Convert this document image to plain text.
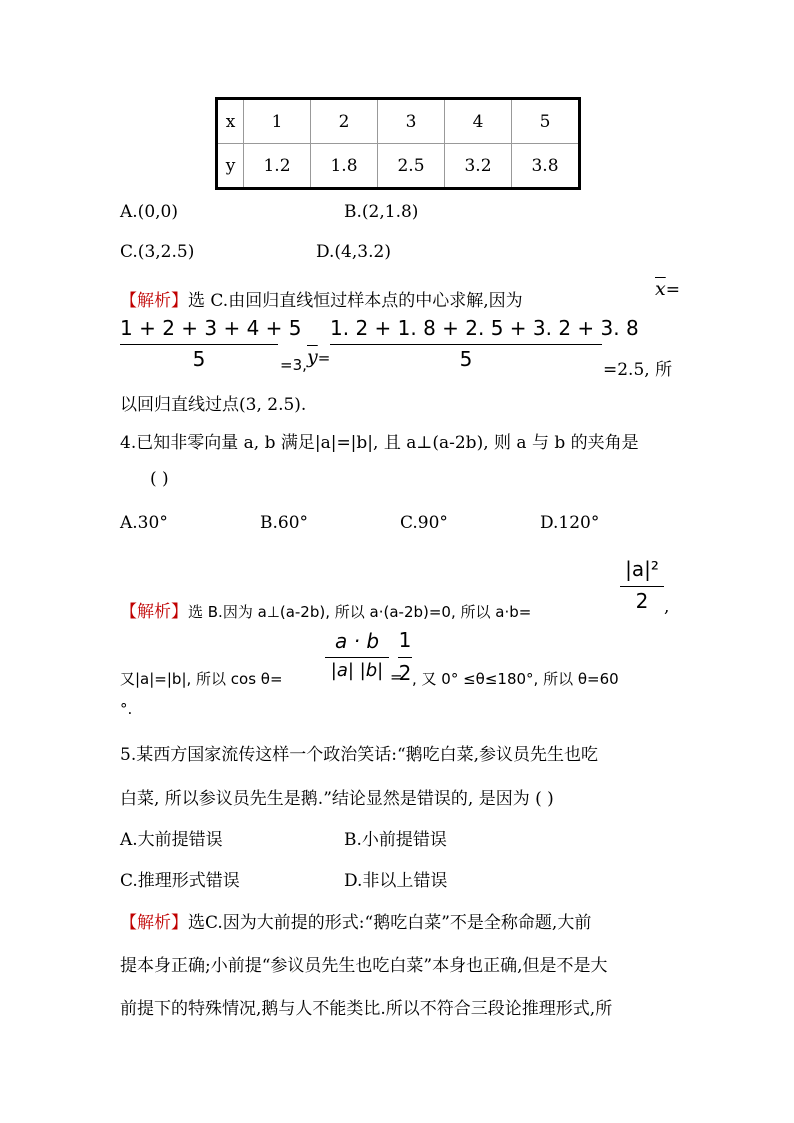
x	1	2	3	4	5
y	1.2	1.8	2.5	3.2	3.8
A.(0,0)	B.(2,1.8)
C.(3,2.5)	D.(4,3.2)
【解析】选 C.由回归直线恒过样本点的中心求解,因为
$\overline{x}=$
1 + 2 + 3 + 4 + 5
5	=3, $\overline{y}=$
1. 2 + 1. 8 + 2. 5 + 3. 2 + 3. 8
5	=2.5, 所
以回归直线过点(3, 2.5).
4.已知非零向量 a, b 满足|a|=|b|, 且 a⊥(a-2b), 则 a 与 b 的夹角是
( )
A.30°	B.60°	C.90°	D.120°
【解析】选 B.因为 a⊥(a-2b), 所以 a·(a-2b)=0, 所以 a·b=
|a|²
2 ,
又|a|=|b|, 所以 cos θ=
a · b
|a| |b| =
1
2 , 又 0° ≤θ≤180°, 所以 θ=60
°.
5.某西方国家流传这样一个政治笑话:“鹅吃白菜,参议员先生也吃
白菜, 所以参议员先生是鹅.”结论显然是错误的, 是因为 ( )
A.大前提错误	B.小前提错误
C.推理形式错误	D.非以上错误
【解析】选C.因为大前提的形式:“鹅吃白菜”不是全称命题,大前
提本身正确;小前提“参议员先生也吃白菜”本身也正确,但是不是大
前提下的特殊情况,鹅与人不能类比.所以不符合三段论推理形式,所
